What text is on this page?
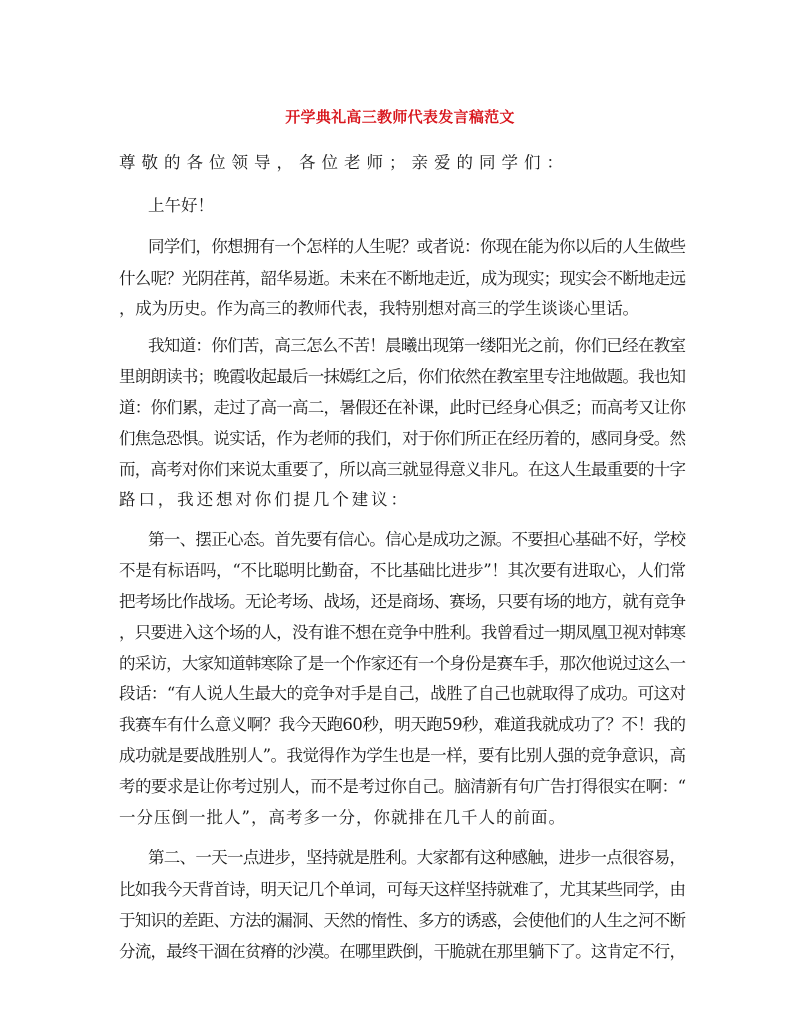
开学典礼高三教师代表发言稿范文
尊敬的各位领导，各位老师；亲爱的同学们：
上午好！
同学们，你想拥有一个怎样的人生呢？或者说：你现在能为你以后的人生做些
什么呢？光阴荏苒，韶华易逝。未来在不断地走近，成为现实；现实会不断地走远
，成为历史。作为高三的教师代表，我特别想对高三的学生谈谈心里话。
我知道：你们苦，高三怎么不苦！晨曦出现第一缕阳光之前，你们已经在教室
里朗朗读书；晚霞收起最后一抹嫣红之后，你们依然在教室里专注地做题。我也知
道：你们累，走过了高一高二，暑假还在补课，此时已经身心俱乏；而高考又让你
们焦急恐惧。说实话，作为老师的我们，对于你们所正在经历着的，感同身受。然
而，高考对你们来说太重要了，所以高三就显得意义非凡。在这人生最重要的十字
路口，我还想对你们提几个建议：
第一、摆正心态。首先要有信心。信心是成功之源。不要担心基础不好，学校
不是有标语吗，“不比聪明比勤奋，不比基础比进步”！其次要有进取心，人们常
把考场比作战场。无论考场、战场，还是商场、赛场，只要有场的地方，就有竞争
，只要进入这个场的人，没有谁不想在竞争中胜利。我曾看过一期凤凰卫视对韩寒
的采访，大家知道韩寒除了是一个作家还有一个身份是赛车手，那次他说过这么一
段话：“有人说人生最大的竞争对手是自己，战胜了自己也就取得了成功。可这对
我赛车有什么意义啊？我今天跑60秒，明天跑59秒，难道我就成功了？不！我的
成功就是要战胜别人”。我觉得作为学生也是一样，要有比别人强的竞争意识，高
考的要求是让你考过别人，而不是考过你自己。脑清新有句广告打得很实在啊：“
一分压倒一批人”，高考多一分，你就排在几千人的前面。
第二、一天一点进步，坚持就是胜利。大家都有这种感触，进步一点很容易，
比如我今天背首诗，明天记几个单词，可每天这样坚持就难了，尤其某些同学，由
于知识的差距、方法的漏洞、天然的惰性、多方的诱惑，会使他们的人生之河不断
分流，最终干涸在贫瘠的沙漠。在哪里跌倒，干脆就在那里躺下了。这肯定不行，
